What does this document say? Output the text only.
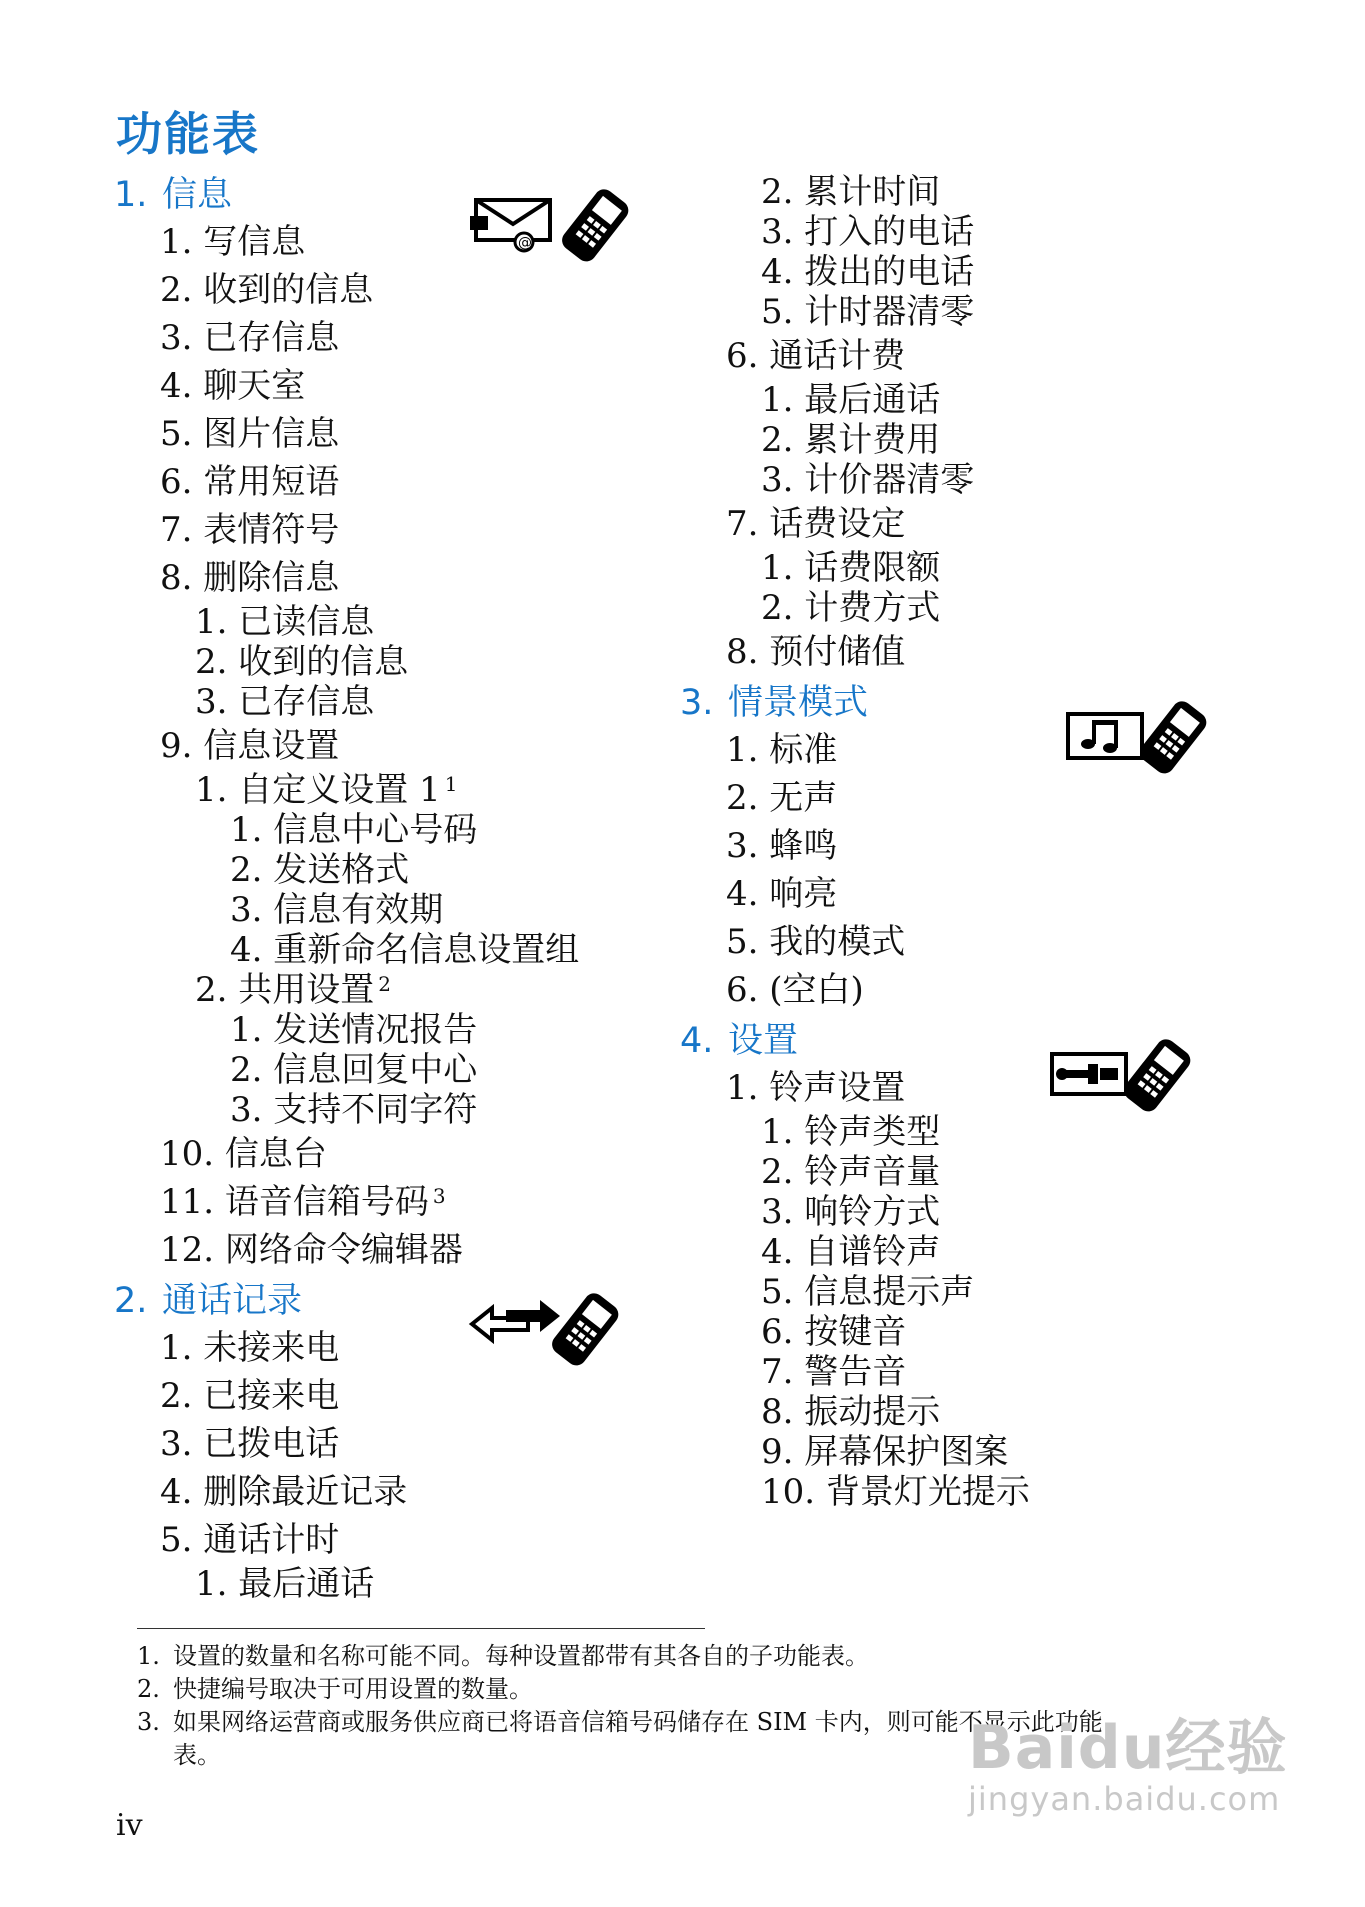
功能表
1. 信息
1. 写信息
2. 收到的信息
3. 已存信息
4. 聊天室
5. 图片信息
6. 常用短语
7. 表情符号
8. 删除信息
1. 已读信息
2. 收到的信息
3. 已存信息
9. 信息设置
1. 自定义设置 1 $^1$
1. 信息中心号码
2. 发送格式
3. 信息有效期
4. 重新命名信息设置组
2. 共用设置 $^2$
1. 发送情况报告
2. 信息回复中心
3. 支持不同字符
10. 信息台
11. 语音信箱号码 $^3$
12. 网络命令编辑器
2. 通话记录
1. 未接来电
2. 已接来电
3. 已拨电话
4. 删除最近记录
5. 通话计时
1. 最后通话
2. 累计时间
3. 打入的电话
4. 拨出的电话
5. 计时器清零
6. 通话计费
1. 最后通话
2. 累计费用
3. 计价器清零
7. 话费设定
1. 话费限额
2. 计费方式
8. 预付储值
3. 情景模式
1. 标准
2. 无声
3. 蜂鸣
4. 响亮
5. 我的模式
6. (空白)
4. 设置
1. 铃声设置
1. 铃声类型
2. 铃声音量
3. 响铃方式
4. 自谱铃声
5. 信息提示声
6. 按键音
7. 警告音
8. 振动提示
9. 屏幕保护图案
10. 背景灯光提示
@
1. 设置的数量和名称可能不同。每种设置都带有其各自的子功能表。
2. 快捷编号取决于可用设置的数量。
3. 如果网络运营商或服务供应商已将语音信箱号码储存在 SIM 卡内，则可能不显示此功能表。
iv
Baidu经验
jingyan.baidu.com
